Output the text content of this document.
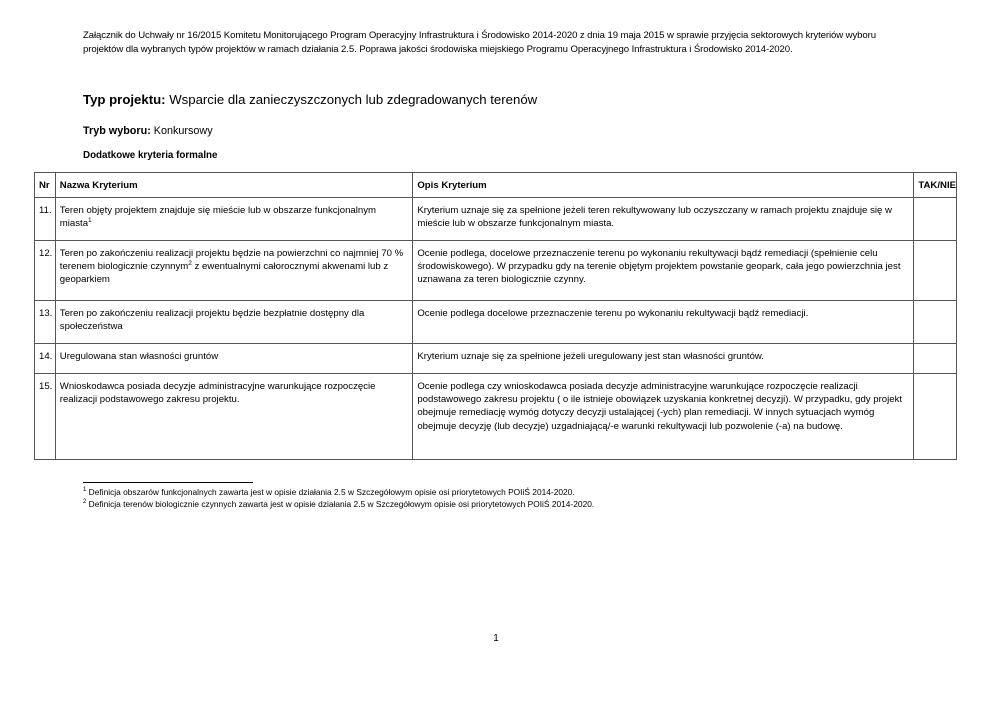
Załącznik do Uchwały nr 16/2015 Komitetu Monitorującego Program Operacyjny Infrastruktura i Środowisko 2014-2020 z dnia 19 maja 2015 w sprawie przyjęcia sektorowych kryteriów wyboru projektów dla wybranych typów projektów w ramach działania 2.5. Poprawa jakości środowiska miejskiego Programu Operacyjnego Infrastruktura i Środowisko 2014-2020.
Typ projektu: Wsparcie dla zanieczyszczonych lub zdegradowanych terenów
Tryb wyboru: Konkursowy
Dodatkowe kryteria formalne
Nr	Nazwa Kryterium	Opis Kryterium	TAK/NIE
11.	Teren objęty projektem znajduje się mieście lub w obszarze funkcjonalnym miasta$^1$	Kryterium uznaje się za spełnione jeżeli teren rekultywowany lub oczyszczany w ramach projektu znajduje się w mieście lub w obszarze funkcjonalnym miasta.	
12.	Teren po zakończeniu realizacji projektu będzie na powierzchni co najmniej 70 % terenem biologicznie czynnym$^2$ z ewentualnymi całorocznymi akwenami lub z geoparkiem	Ocenie podlega, docelowe przeznaczenie terenu po wykonaniu rekultywacji bądź remediacji (spełnienie celu środowiskowego). W przypadku gdy na terenie objętym projektem powstanie geopark, cała jego powierzchnia jest uznawana za teren biologicznie czynny.	
13.	Teren po zakończeniu realizacji projektu będzie bezpłatnie dostępny dla społeczeństwa	Ocenie podlega docelowe przeznaczenie terenu po wykonaniu rekultywacji bądź remediacji.	
14.	Uregulowana stan własności gruntów	Kryterium uznaje się za spełnione jeżeli uregulowany jest stan własności gruntów.	
15.	Wnioskodawca posiada decyzje administracyjne warunkujące rozpoczęcie realizacji podstawowego zakresu projektu.	Ocenie podlega czy wnioskodawca posiada decyzje administracyjne warunkujące rozpoczęcie realizacji podstawowego zakresu projektu ( o ile istnieje obowiązek uzyskania konkretnej decyzji). W przypadku, gdy projekt obejmuje remediację wymóg dotyczy decyzji ustalającej (-ych) plan remediacji. W innych sytuacjach wymóg obejmuje decyzję (lub decyzje) uzgadniającą/-e warunki rekultywacji lub pozwolenie (-a) na budowę.	
$^1$ Definicja obszarów funkcjonalnych zawarta jest w opisie działania 2.5 w Szczegółowym opisie osi priorytetowych POIiŚ 2014-2020.
$^2$ Definicja terenów biologicznie czynnych zawarta jest w opisie działania 2.5 w Szczegółowym opisie osi priorytetowych POIiŚ 2014-2020.
1
